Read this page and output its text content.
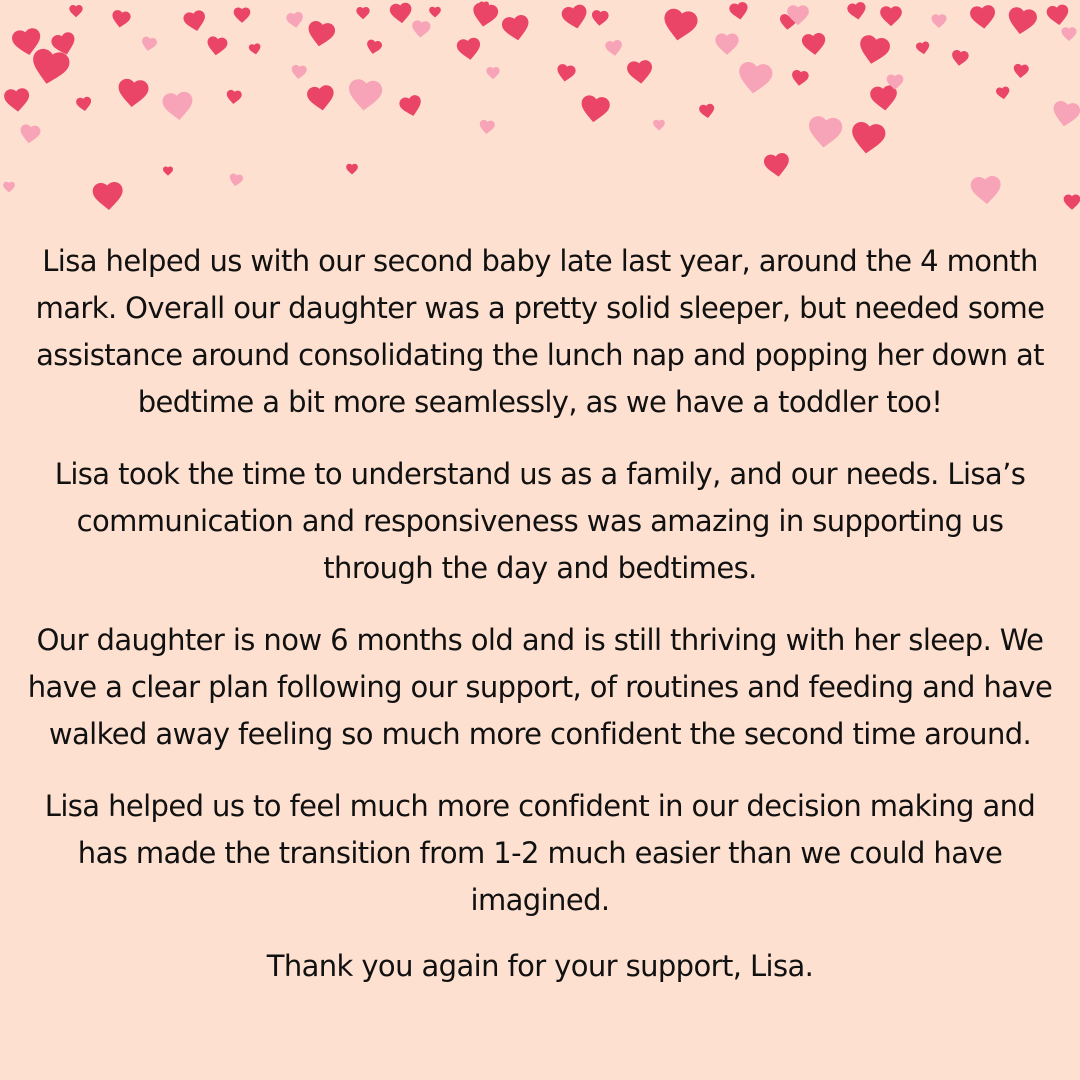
Lisa helped us with our second baby late last year, around the 4 month mark. Overall our daughter was a pretty solid sleeper, but needed some assistance around consolidating the lunch nap and popping her down at bedtime a bit more seamlessly, as we have a toddler too!

Lisa took the time to understand us as a family, and our needs. Lisa’s communication and responsiveness was amazing in supporting us through the day and bedtimes.

Our daughter is now 6 months old and is still thriving with her sleep. We have a clear plan following our support, of routines and feeding and have walked away feeling so much more confident the second time around.

Lisa helped us to feel much more confident in our decision making and has made the transition from 1-2 much easier than we could have imagined.

Thank you again for your support, Lisa.
